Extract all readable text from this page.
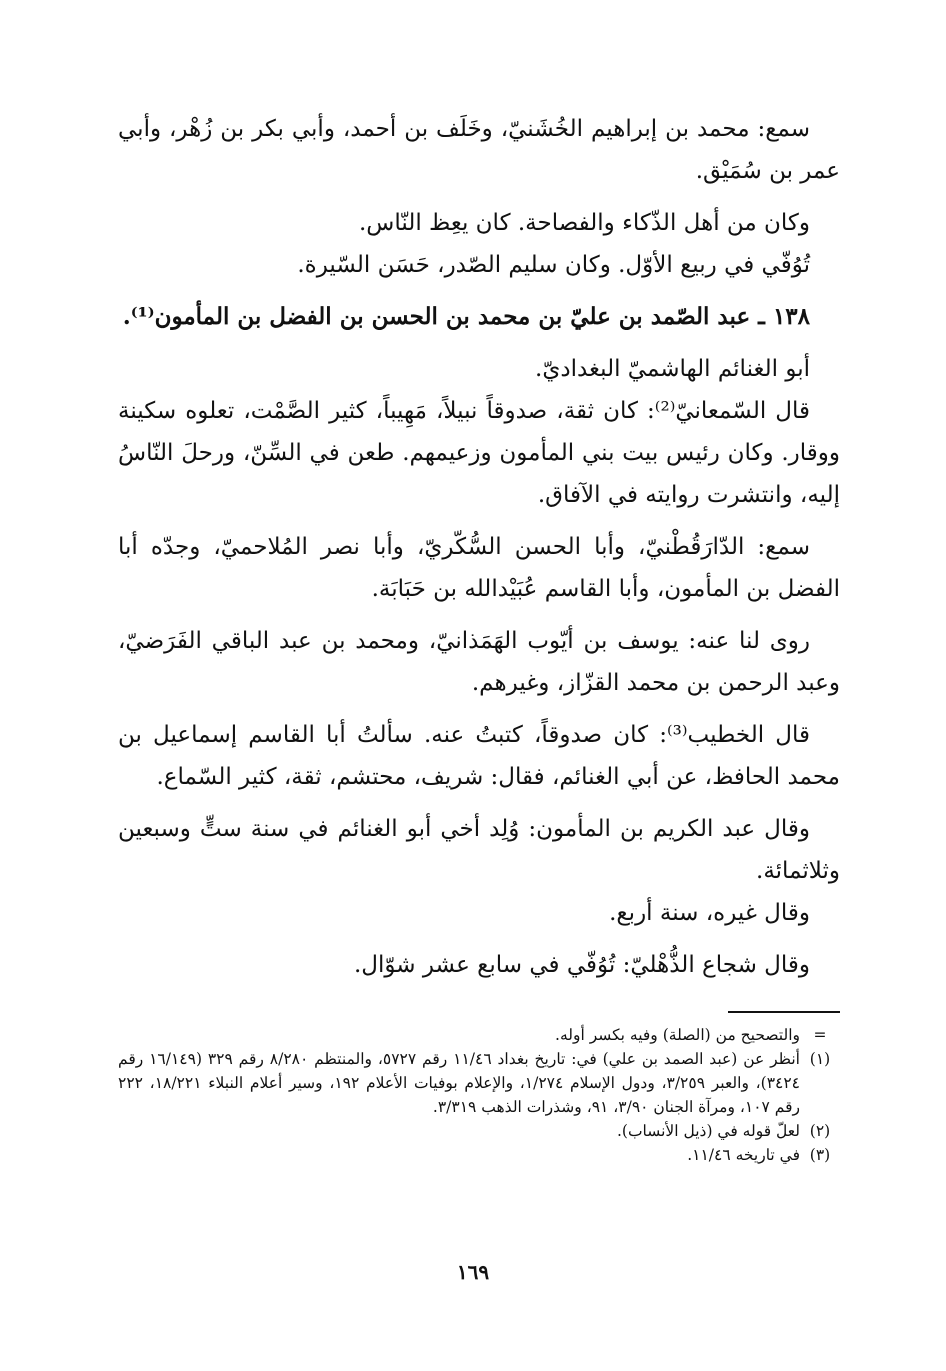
سمع: محمد بن إبراهيم الخُشَنيّ، وخَلَف بن أحمد، وأبي بكر بن زُهْر، وأبي عمر بن سُمَيْق.

وكان من أهل الذّكاء والفصاحة. كان يعِظ النّاس.

تُوُفّي في ربيع الأوّل. وكان سليم الصّدر، حَسَن السّيرة.

١٣٨ ـ عبد الصّمد بن عليّ بن محمد بن الحسن بن الفضل بن المأمون⁽¹⁾.

أبو الغنائم الهاشميّ البغداديّ.

قال السّمعانيّ⁽²⁾: كان ثقة، صدوقاً نبيلاً، مَهِيباً، كثير الصَّمْت، تعلوه سكينة ووقار. وكان رئيس بيت بني المأمون وزعيمهم. طعن في السِّنّ، ورحلَ النّاسُ إليه، وانتشرت روايته في الآفاق.

سمع: الدّارَقُطْنيّ، وأبا الحسن السُّكّريّ، وأبا نصر المُلاحميّ، وجدّه أبا الفضل بن المأمون، وأبا القاسم عُبَيْدالله بن حَبَابَة.

روى لنا عنه: يوسف بن أيّوب الهَمَذانيّ، ومحمد بن عبد الباقي الفَرَضيّ، وعبد الرحمن بن محمد القزّاز، وغيرهم.

قال الخطيب⁽³⁾: كان صدوقاً، كتبتُ عنه. سألتُ أبا القاسم إسماعيل بن محمد الحافظ، عن أبي الغنائم، فقال: شريف، محتشم، ثقة، كثير السّماع.

وقال عبد الكريم بن المأمون: وُلِد أخي أبو الغنائم في سنة ستٍّ وسبعين وثلاثمائة.

وقال غيره، سنة أربع.

وقال شجاع الذُّهْليّ: تُوُفّي في سابع عشر شوّال.

=
والتصحيح من (الصلة) وفيه بكسر أوله.
(١)
أنظر عن (عبد الصمد بن علي) في: تاريخ بغداد ١١/٤٦ رقم ٥٧٢٧، والمنتظم ٨/٢٨٠ رقم ٣٢٩ (١٦/١٤٩ رقم ٣٤٢٤)، والعبر ٣/٢٥٩، ودول الإسلام ١/٢٧٤، والإعلام بوفيات الأعلام ١٩٢، وسير أعلام النبلاء ١٨/٢٢١، ٢٢٢ رقم ١٠٧، ومرآة الجنان ٣/٩٠، ٩١، وشذرات الذهب ٣/٣١٩.
(٢)
لعلّ قوله في (ذيل الأنساب).
(٣)
في تاريخه ١١/٤٦.
١٦٩
